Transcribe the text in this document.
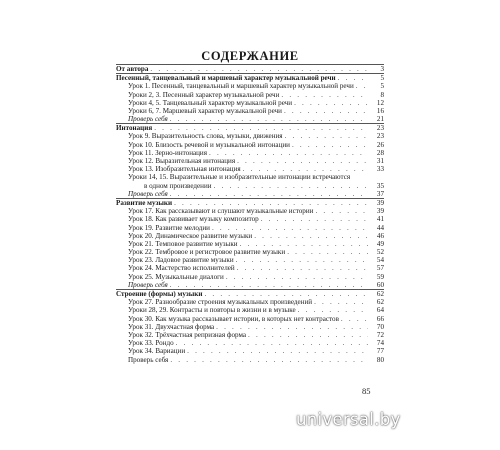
СОДЕРЖАНИЕ
От автора . . .	3
Песенный, танцевальный и маршевый характер музыкальной речи . . .	5
Урок 1. Песенный, танцевальный и маршевый характер музыкальной речи . . .	5
Уроки 2, 3. Песенный характер музыкальной речи . . .	8
Уроки 4, 5. Танцевальный характер музыкальной речи . . .	12
Уроки 6, 7. Маршевый характер музыкальной речи . . .	16
Проверь себя . . .	21
Интонация . . .	23
Урок 9. Выразительность слова, музыки, движения . . .	23
Урок 10. Близость речевой и музыкальной интонации . . .	26
Урок 11. Зерно-интонация . . .	28
Урок 12. Выразительная интонация . . .	31
Урок 13. Изобразительная интонация . . .	33
Уроки 14, 15. Выразительные и изобразительные интонации встречаются
в одном произведении . . .	35
Проверь себя . . .	37
Развитие музыки . . .	39
Урок 17. Как рассказывают и слушают музыкальные истории . . .	39
Урок 18. Как развивает музыку композитор . . .	41
Урок 19. Развитие мелодии . . .	44
Урок 20. Динамическое развитие музыки . . .	46
Урок 21. Темповое развитие музыки . . .	49
Урок 22. Тембровое и регистровое развитие музыки . . .	52
Урок 23. Ладовое развитие музыки . . .	54
Урок 24. Мастерство исполнителей . . .	57
Урок 25. Музыкальные диалоги . . .	59
Проверь себя . . .	60
Строение (формы) музыки . . .	62
Урок 27. Разнообразие строения музыкальных произведений . . .	62
Уроки 28, 29. Контрасты и повторы в жизни и в музыке . . .	64
Урок 30. Как музыка рассказывает истории, в которых нет контрастов . . .	66
Урок 31. Двухчастная форма . . .	70
Урок 32. Трёхчастная репризная форма . . .	72
Урок 33. Рондо . . .	74
Урок 34. Вариации . . .	77
Проверь себя . . .	80
85
universal.by
